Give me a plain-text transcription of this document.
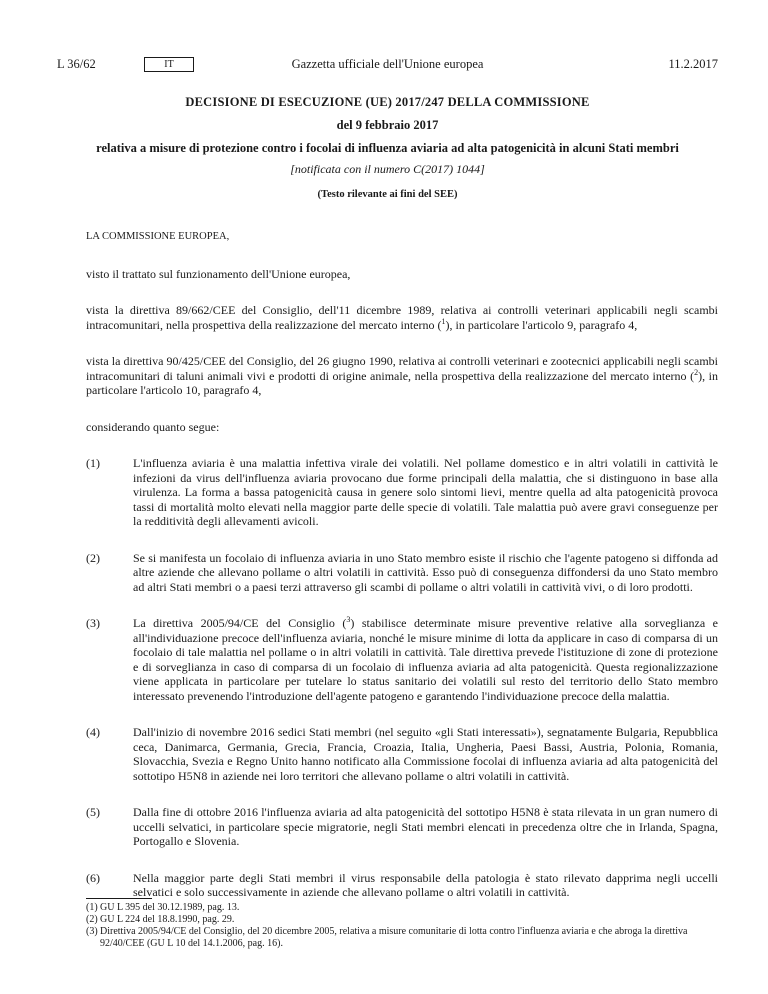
L 36/62	IT	Gazzetta ufficiale dell'Unione europea	11.2.2017

DECISIONE DI ESECUZIONE (UE) 2017/247 DELLA COMMISSIONE

del 9 febbraio 2017

relativa a misure di protezione contro i focolai di influenza aviaria ad alta patogenicità in alcuni Stati membri

[notificata con il numero C(2017) 1044]

(Testo rilevante ai fini del SEE)

LA COMMISSIONE EUROPEA,

visto il trattato sul funzionamento dell'Unione europea,

vista la direttiva 89/662/CEE del Consiglio, dell'11 dicembre 1989, relativa ai controlli veterinari applicabili negli scambi intracomunitari, nella prospettiva della realizzazione del mercato interno ($^1$), in particolare l'articolo 9, paragrafo 4,

vista la direttiva 90/425/CEE del Consiglio, del 26 giugno 1990, relativa ai controlli veterinari e zootecnici applicabili negli scambi intracomunitari di taluni animali vivi e prodotti di origine animale, nella prospettiva della realizzazione del mercato interno ($^2$), in particolare l'articolo 10, paragrafo 4,

considerando quanto segue:

(1)	L'influenza aviaria è una malattia infettiva virale dei volatili. Nel pollame domestico e in altri volatili in cattività le infezioni da virus dell'influenza aviaria provocano due forme principali della malattia, che si distinguono in base alla virulenza. La forma a bassa patogenicità causa in genere solo sintomi lievi, mentre quella ad alta patogenicità provoca tassi di mortalità molto elevati nella maggior parte delle specie di volatili. Tale malattia può avere gravi conseguenze per la redditività degli allevamenti avicoli.

(2)	Se si manifesta un focolaio di influenza aviaria in uno Stato membro esiste il rischio che l'agente patogeno si diffonda ad altre aziende che allevano pollame o altri volatili in cattività. Esso può di conseguenza diffondersi da uno Stato membro ad altri Stati membri o a paesi terzi attraverso gli scambi di pollame o altri volatili in cattività vivi, o di loro prodotti.

(3)	La direttiva 2005/94/CE del Consiglio ($^3$) stabilisce determinate misure preventive relative alla sorveglianza e all'individuazione precoce dell'influenza aviaria, nonché le misure minime di lotta da applicare in caso di comparsa di un focolaio di tale malattia nel pollame o in altri volatili in cattività. Tale direttiva prevede l'istituzione di zone di protezione e di sorveglianza in caso di comparsa di un focolaio di influenza aviaria ad alta patogenicità. Questa regionalizzazione viene applicata in particolare per tutelare lo status sanitario dei volatili sul resto del territorio dello Stato membro interessato prevenendo l'introduzione dell'agente patogeno e garantendo l'individuazione precoce della malattia.

(4)	Dall'inizio di novembre 2016 sedici Stati membri (nel seguito «gli Stati interessati»), segnatamente Bulgaria, Repubblica ceca, Danimarca, Germania, Grecia, Francia, Croazia, Italia, Ungheria, Paesi Bassi, Austria, Polonia, Romania, Slovacchia, Svezia e Regno Unito hanno notificato alla Commissione focolai di influenza aviaria ad alta patogenicità del sottotipo H5N8 in aziende nei loro territori che allevano pollame o altri volatili in cattività.

(5)	Dalla fine di ottobre 2016 l'influenza aviaria ad alta patogenicità del sottotipo H5N8 è stata rilevata in un gran numero di uccelli selvatici, in particolare specie migratorie, negli Stati membri elencati in precedenza oltre che in Irlanda, Spagna, Portogallo e Slovenia.

(6)	Nella maggior parte degli Stati membri il virus responsabile della patologia è stato rilevato dapprima negli uccelli selvatici e solo successivamente in aziende che allevano pollame o altri volatili in cattività.

(1) GU L 395 del 30.12.1989, pag. 13.

(2) GU L 224 del 18.8.1990, pag. 29.

(3) Direttiva 2005/94/CE del Consiglio, del 20 dicembre 2005, relativa a misure comunitarie di lotta contro l'influenza aviaria e che abroga la direttiva 92/40/CEE (GU L 10 del 14.1.2006, pag. 16).
